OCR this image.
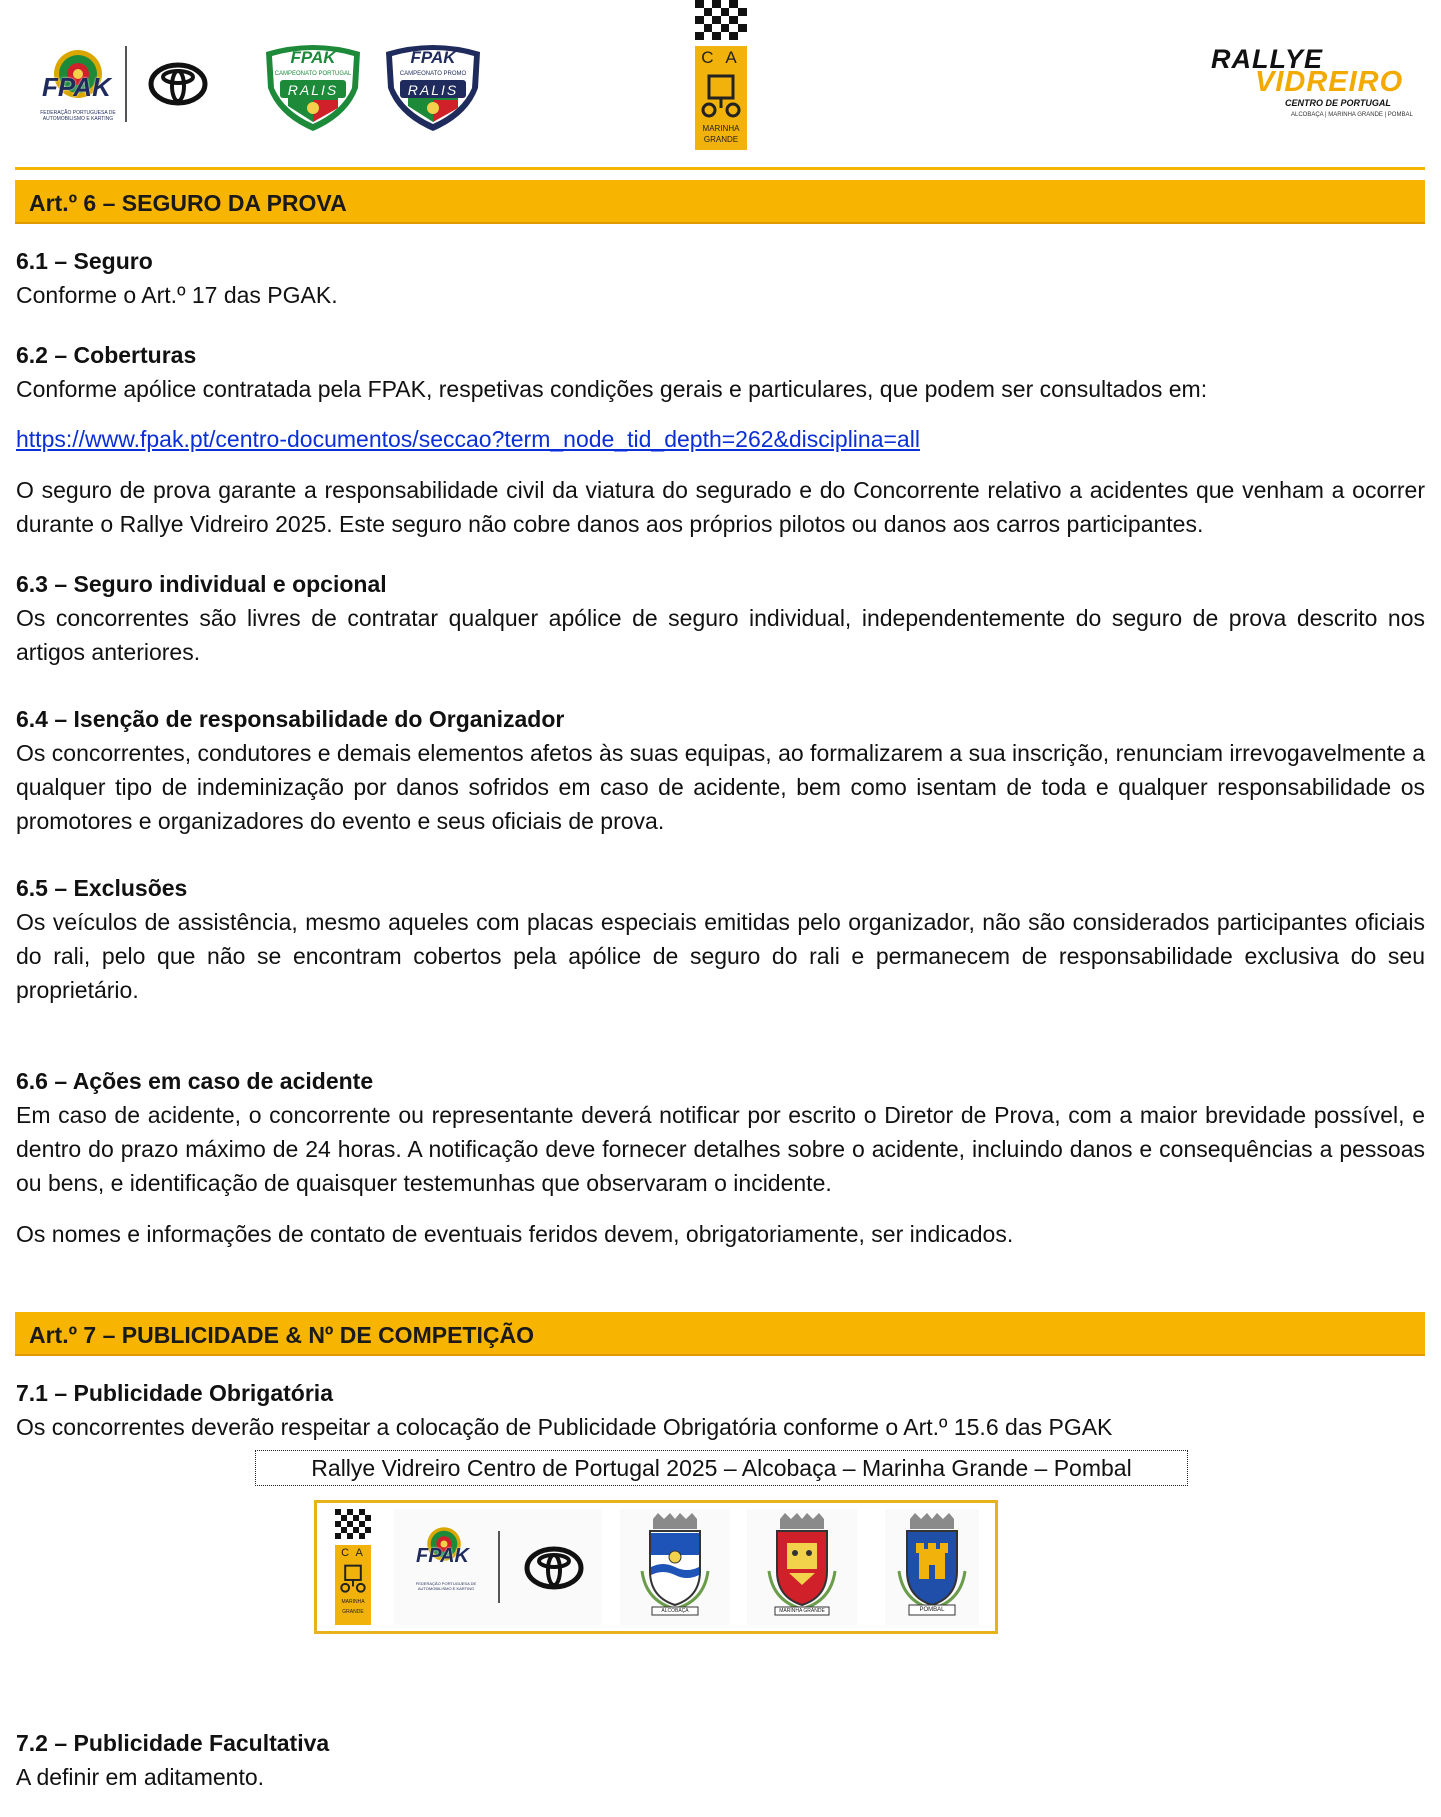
FPAK
FEDERAÇÃO PORTUGUESA DE AUTOMOBILISMO E KARTING
FPAK
CAMPEONATO PORTUGAL
RALIS
FPAK
CAMPEONATO PROMO
RALIS
C A
MARINHA
GRANDE
RALLYE
VIDREIRO
CENTRO DE PORTUGAL
ALCOBAÇA | MARINHA GRANDE | POMBAL
Art.º 6 – SEGURO DA PROVA
6.1 – Seguro
Conforme o Art.º 17 das PGAK.
6.2 – Coberturas
Conforme apólice contratada pela FPAK, respetivas condições gerais e particulares, que podem ser consultados em:
https://www.fpak.pt/centro-documentos/seccao?term_node_tid_depth=262&disciplina=all
O seguro de prova garante a responsabilidade civil da viatura do segurado e do Concorrente relativo a acidentes que venham a ocorrer durante o Rallye Vidreiro 2025. Este seguro não cobre danos aos próprios pilotos ou danos aos carros participantes.
6.3 – Seguro individual e opcional
Os concorrentes são livres de contratar qualquer apólice de seguro individual, independentemente do seguro de prova descrito nos artigos anteriores.
6.4 – Isenção de responsabilidade do Organizador
Os concorrentes, condutores e demais elementos afetos às suas equipas, ao formalizarem a sua inscrição, renunciam irrevogavelmente a qualquer tipo de indeminização por danos sofridos em caso de acidente, bem como isentam de toda e qualquer responsabilidade os promotores e organizadores do evento e seus oficiais de prova.
6.5 – Exclusões
Os veículos de assistência, mesmo aqueles com placas especiais emitidas pelo organizador, não são considerados participantes oficiais do rali, pelo que não se encontram cobertos pela apólice de seguro do rali e permanecem de responsabilidade exclusiva do seu proprietário.
6.6 – Ações em caso de acidente
Em caso de acidente, o concorrente ou representante deverá notificar por escrito o Diretor de Prova, com a maior brevidade possível, e dentro do prazo máximo de 24 horas. A notificação deve fornecer detalhes sobre o acidente, incluindo danos e consequências a pessoas ou bens, e identificação de quaisquer testemunhas que observaram o incidente.
Os nomes e informações de contato de eventuais feridos devem, obrigatoriamente, ser indicados.
Art.º 7 – PUBLICIDADE & Nº DE COMPETIÇÃO
7.1 – Publicidade Obrigatória
Os concorrentes deverão respeitar a colocação de Publicidade Obrigatória conforme o Art.º 15.6 das PGAK
Rallye Vidreiro Centro de Portugal 2025 – Alcobaça – Marinha Grande – Pombal
C A
MARINHA
GRANDE
FPAK
FEDERAÇÃO PORTUGUESA DE AUTOMOBILISMO E KARTING
ALCOBAÇA	MARINHA GRANDE	POMBAL
7.2 – Publicidade Facultativa
A definir em aditamento.
